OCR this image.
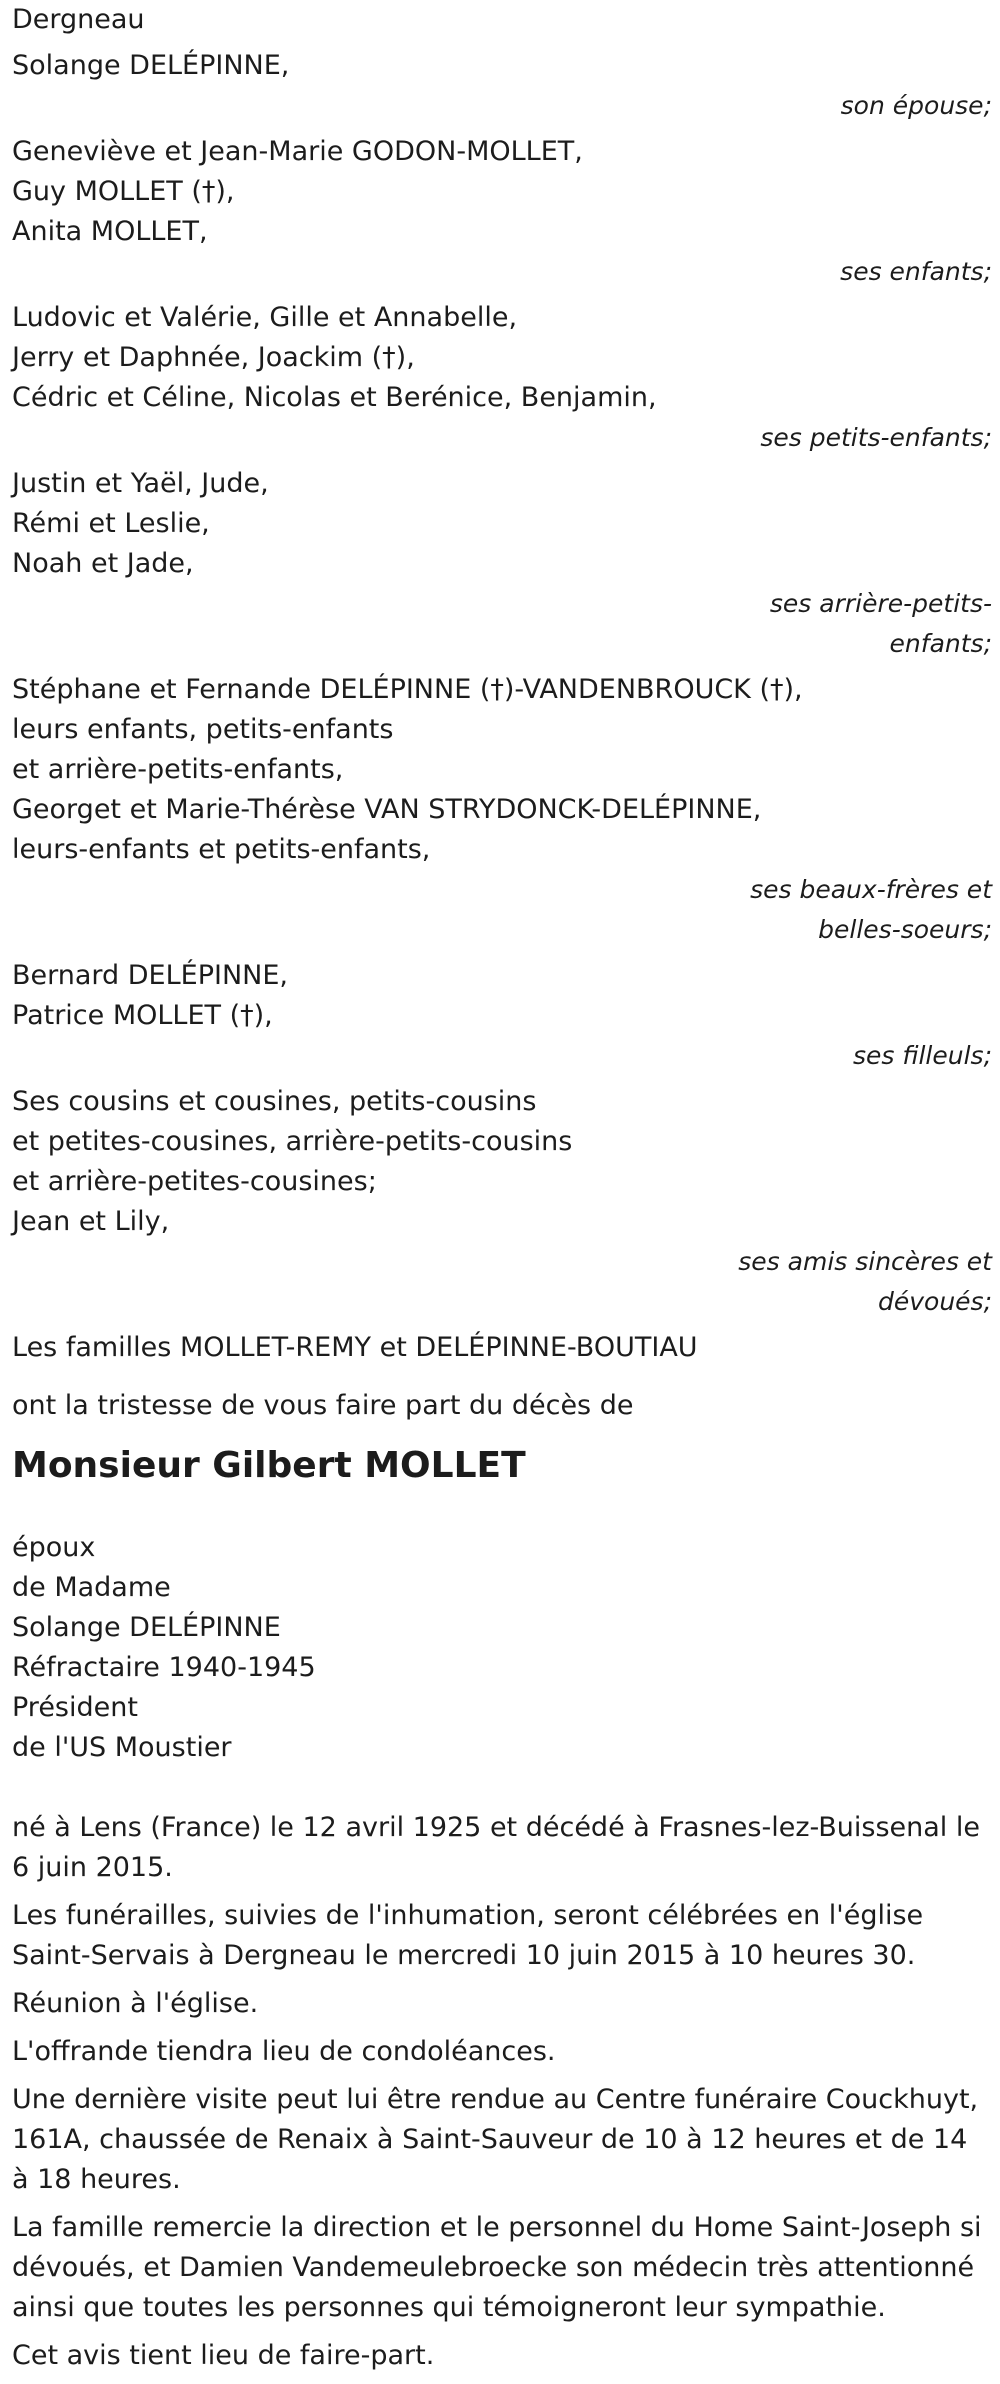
Dergneau
Solange DELÉPINNE,
son épouse;
Geneviève et Jean-Marie GODON-MOLLET,
Guy MOLLET (†),
Anita MOLLET,
ses enfants;
Ludovic et Valérie, Gille et Annabelle,
Jerry et Daphnée, Joackim (†),
Cédric et Céline, Nicolas et Berénice, Benjamin,
ses petits-enfants;
Justin et Yaël, Jude,
Rémi et Leslie,
Noah et Jade,
ses arrière-petits-
enfants;
Stéphane et Fernande DELÉPINNE (†)-VANDENBROUCK (†),
leurs enfants, petits-enfants
et arrière-petits-enfants,
Georget et Marie-Thérèse VAN STRYDONCK-DELÉPINNE,
leurs-enfants et petits-enfants,
ses beaux-frères et
belles-soeurs;
Bernard DELÉPINNE,
Patrice MOLLET (†),
ses filleuls;
Ses cousins et cousines, petits-cousins
et petites-cousines, arrière-petits-cousins
et arrière-petites-cousines;
Jean et Lily,
ses amis sincères et
dévoués;
Les familles MOLLET-REMY et DELÉPINNE-BOUTIAU
ont la tristesse de vous faire part du décès de
Monsieur Gilbert MOLLET
époux
de Madame
Solange DELÉPINNE
Réfractaire 1940-1945
Président
de l'US Moustier
né à Lens (France) le 12 avril 1925 et décédé à Frasnes-lez-Buissenal le 6 juin 2015.
Les funérailles, suivies de l'inhumation, seront célébrées en l'église Saint-Servais à Dergneau le mercredi 10 juin 2015 à 10 heures 30.
Réunion à l'église.
L'offrande tiendra lieu de condoléances.
Une dernière visite peut lui être rendue au Centre funéraire Couckhuyt, 161A, chaussée de Renaix à Saint-Sauveur de 10 à 12 heures et de 14 à 18 heures.
La famille remercie la direction et le personnel du Home Saint-Joseph si dévoués, et Damien Vandemeulebroecke son médecin très attentionné ainsi que toutes les personnes qui témoigneront leur sympathie.
Cet avis tient lieu de faire-part.
